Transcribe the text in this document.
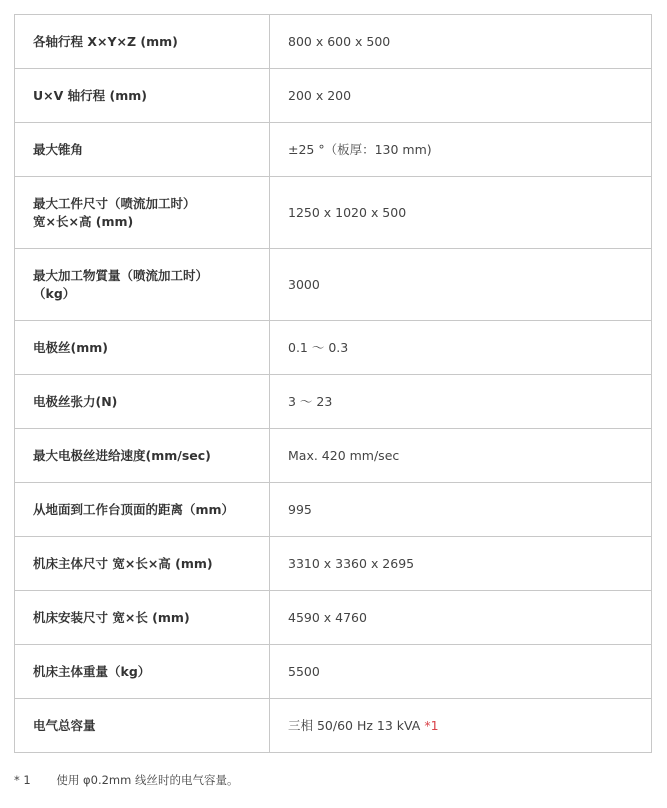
各轴行程 X×Y×Z (mm)	800 x 600 x 500
U×V 轴行程 (mm)	200 x 200
最大锥角	±25 °（板厚：130 mm)
最大工件尺寸（喷流加工时）
宽×长×高 (mm)	1250 x 1020 x 500
最大加工物質量（喷流加工时）
（kg）	3000
电极丝(mm)	0.1 ～ 0.3
电极丝张力(N)	3 ～ 23
最大电极丝进给速度(mm/sec)	Max. 420 mm/sec
从地面到工作台顶面的距离（mm）	995
机床主体尺寸 宽×长×高 (mm)	3310 x 3360 x 2695
机床安装尺寸 宽×长 (mm)	4590 x 4760
机床主体重量（kg）	5500
电气总容量	三相 50/60 Hz 13 kVA *1
* 1 使用 φ0.2mm 线丝时的电气容量。
